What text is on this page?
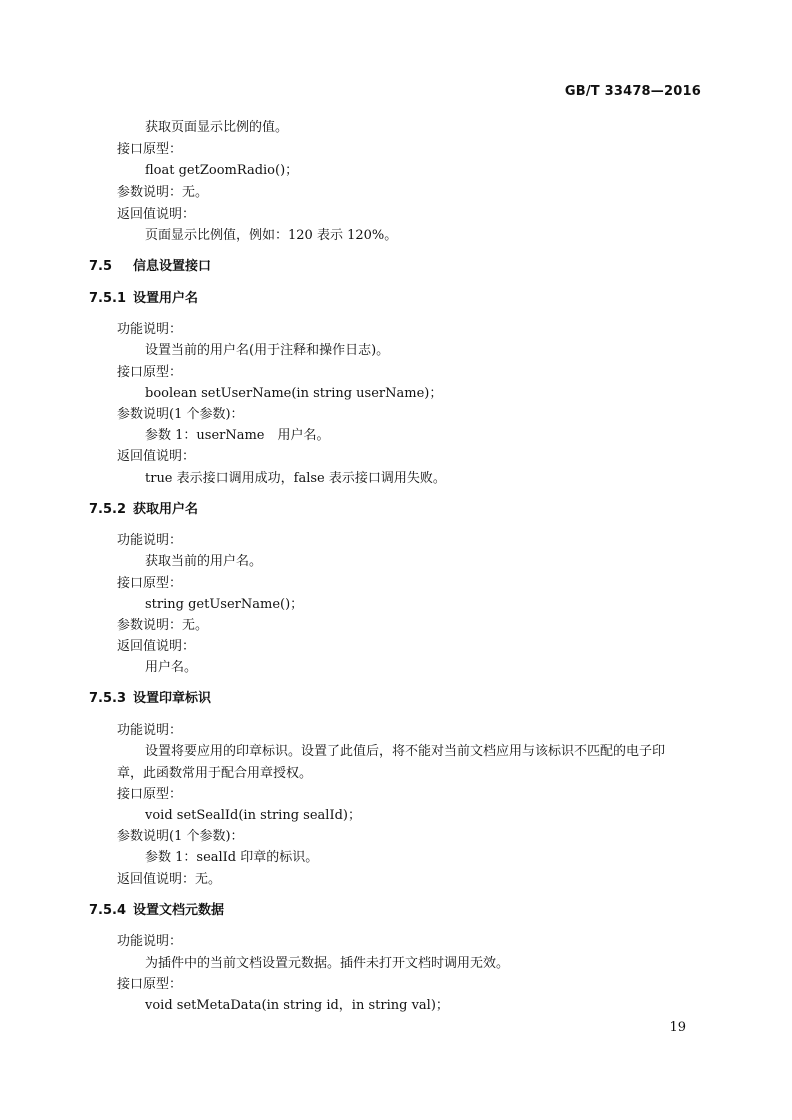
GB/T 33478—2016
获取页面显示比例的值。
接口原型：
float getZoomRadio()；
参数说明：无。
返回值说明：
页面显示比例值，例如：120 表示 120%。
7.5 信息设置接口
7.5.1 设置用户名
功能说明：
设置当前的用户名(用于注释和操作日志)。
接口原型：
boolean setUserName(in string userName)；
参数说明(1 个参数)：
参数 1：userName　用户名。
返回值说明：
true 表示接口调用成功，false 表示接口调用失败。
7.5.2 获取用户名
功能说明：
获取当前的用户名。
接口原型：
string getUserName()；
参数说明：无。
返回值说明：
用户名。
7.5.3 设置印章标识
功能说明：
设置将要应用的印章标识。设置了此值后，将不能对当前文档应用与该标识不匹配的电子印
章，此函数常用于配合用章授权。
接口原型：
void setSealId(in string sealId)；
参数说明(1 个参数)：
参数 1：sealId 印章的标识。
返回值说明：无。
7.5.4 设置文档元数据
功能说明：
为插件中的当前文档设置元数据。插件未打开文档时调用无效。
接口原型：
void setMetaData(in string id，in string val)；
19
